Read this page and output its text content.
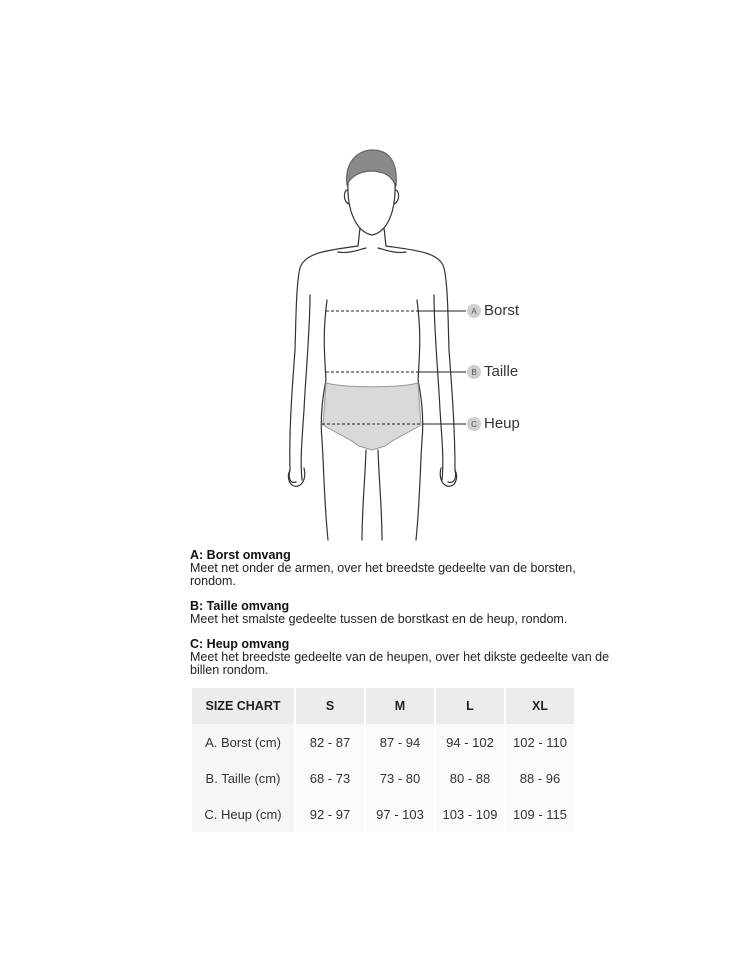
A Borst
B Taille
C Heup
A: Borst omvang

Meet net onder de armen, over het breedste gedeelte van de borsten, rondom.

B: Taille omvang

Meet het smalste gedeelte tussen de borstkast en de heup, rondom.

C: Heup omvang

Meet het breedste gedeelte van de heupen, over het dikste gedeelte van de billen rondom.

SIZE CHART	S	M	L	XL
A. Borst (cm)	82 - 87	87 - 94	94 - 102	102 - 110
B. Taille (cm)	68 - 73	73 - 80	80 - 88	88 - 96
C. Heup (cm)	92 - 97	97 - 103	103 - 109	109 - 115
